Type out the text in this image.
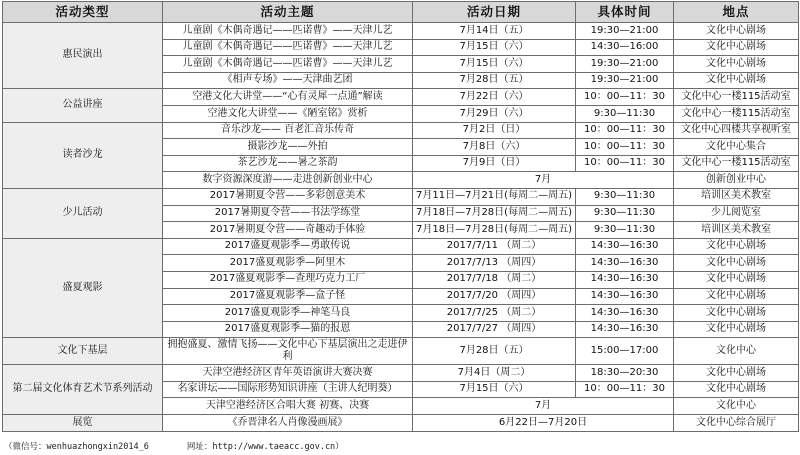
活动类型	活动主题	活动日期	具体时间	地点
惠民演出	儿童剧《木偶奇遇记——匹诺曹》——天津儿艺	7月14日（五）	19:30—21:00	文化中心剧场
	儿童剧《木偶奇遇记——匹诺曹》——天津儿艺	7月15日（六）	14:30—16:00	文化中心剧场
	儿童剧《木偶奇遇记——匹诺曹》——天津儿艺	7月15日（六）	19:30—21:00	文化中心剧场
	《相声专场》——天津曲艺团	7月28日（五）	19:30—21:00	文化中心剧场
公益讲座	空港文化大讲堂——“心有灵犀一点通”解读	7月22日（六）	10：00—11：30	文化中心一楼115活动室
	空港文化大讲堂——《陋室铭》赏析	7月29日（六）	9:30—11:30	文化中心一楼115活动室
读者沙龙	音乐沙龙—— 百老汇音乐传奇	7月2日（日）	10：00—11：30	文化中心四楼共享视听室
	摄影沙龙——外拍	7月8日（六）	10：00—11：30	文化中心集合
	茶艺沙龙——暑之茶韵	7月9日（日）	10：00—11：30	文化中心一楼115活动室
	数字资源深度游——走进创新创业中心	7月		创新创业中心
少儿活动	2017暑期夏令营——多彩创意美术	7月11日—7月21日(每周二—周五)	9:30—11:30	培训区美术教室
	2017暑期夏令营——书法学练堂	7月18日—7月28日(每周二—周五)	9:30—11:30	少儿阅览室
	2017暑期夏令营——奇趣动手体验	7月18日—7月28日(每周二—周五)	9:30—11:30	培训区美术教室
盛夏观影	2017盛夏观影季—勇敢传说	2017/7/11 （周二）	14:30—16:30	文化中心剧场
	2017盛夏观影季—阿里木	2017/7/13 （周四）	14:30—16:30	文化中心剧场
	2017盛夏观影季—查理巧克力工厂	2017/7/18 （周二）	14:30—16:30	文化中心剧场
	2017盛夏观影季—盒子怪	2017/7/20 （周四）	14:30—16:30	文化中心剧场
	2017盛夏观影季—神笔马良	2017/7/25 （周二）	14:30—16:30	文化中心剧场
	2017盛夏观影季—猫的报恩	2017/7/27 （周四）	14:30—16:30	文化中心剧场
文化下基层	拥抱盛夏、激情飞扬——文化中心下基层演出之走进伊利	7月28日（五）	15:00—17:00	文化中心
第二届文化体育艺术节系列活动	天津空港经济区青年英语演讲大赛决赛	7月4日（周二）	18:30—20:30	文化中心剧场
	名家讲坛——国际形势知识讲座（主讲人纪明葵）	7月15日（六）	10：00—11：30	文化中心剧场
	天津空港经济区合唱大赛 初赛、决赛	7月		文化中心
展览	《乔晋津名人肖像漫画展》	6月22日—7月20日		文化中心综合展厅
（微信号：wenhuazhongxin2014_6	网址：http://www.taeacc.gov.cn）
